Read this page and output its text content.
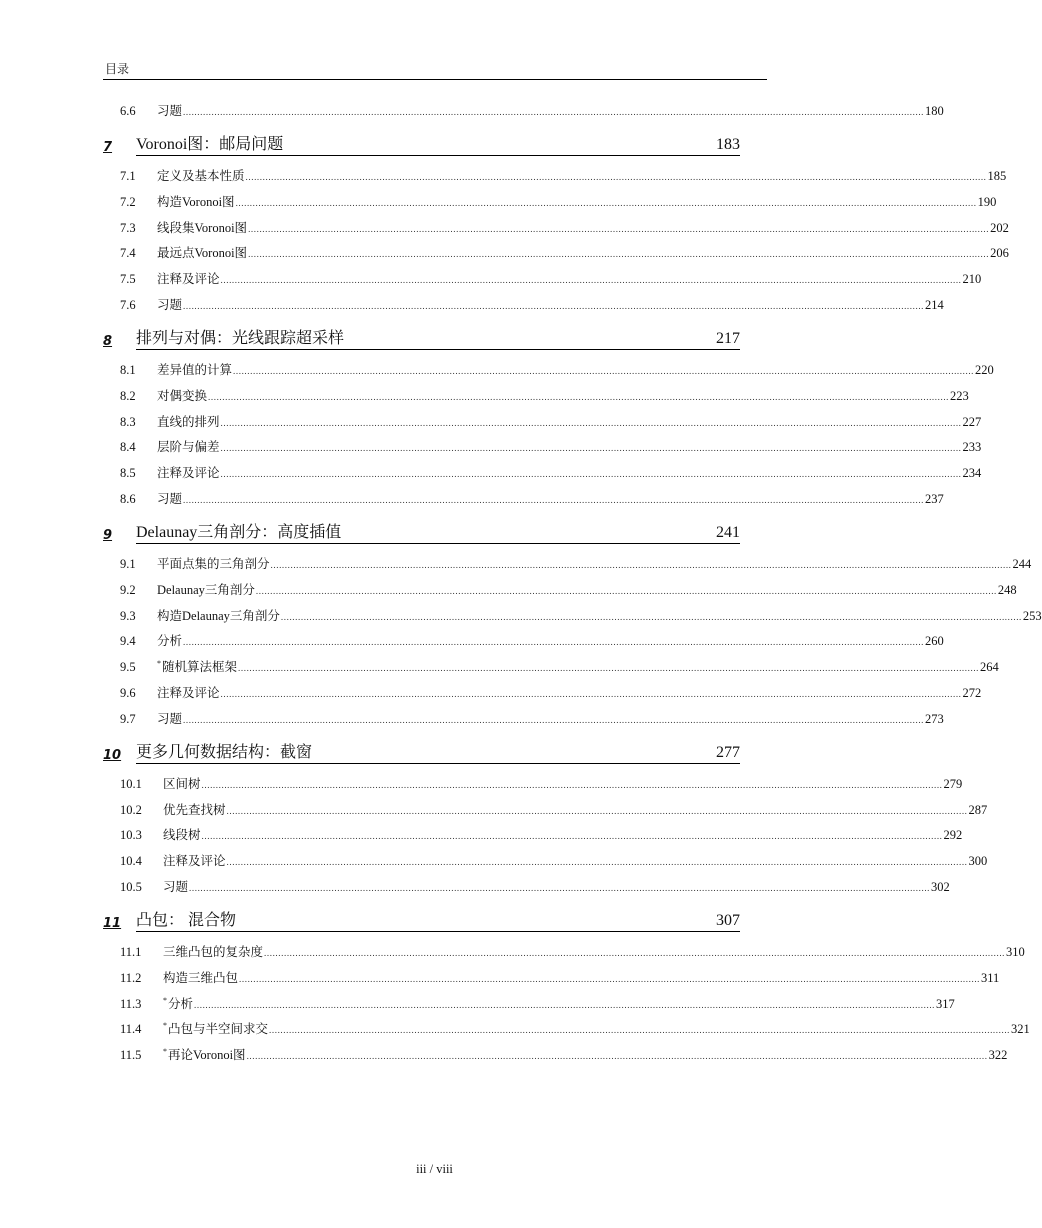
目录
6.6	习题 .................................................................................................................................................................................................................................................................... 180
7 Voronoi图：邮局问题	183
7.1	定义及基本性质 .................................................................................................................................................................................................................................................................... 185
7.2	构造Voronoi图 .................................................................................................................................................................................................................................................................... 190
7.3	线段集Voronoi图 .................................................................................................................................................................................................................................................................... 202
7.4	最远点Voronoi图 .................................................................................................................................................................................................................................................................... 206
7.5	注释及评论 .................................................................................................................................................................................................................................................................... 210
7.6	习题 .................................................................................................................................................................................................................................................................... 214
8 排列与对偶：光线跟踪超采样	217
8.1	差异值的计算 .................................................................................................................................................................................................................................................................... 220
8.2	对偶变换 .................................................................................................................................................................................................................................................................... 223
8.3	直线的排列 .................................................................................................................................................................................................................................................................... 227
8.4	层阶与偏差 .................................................................................................................................................................................................................................................................... 233
8.5	注释及评论 .................................................................................................................................................................................................................................................................... 234
8.6	习题 .................................................................................................................................................................................................................................................................... 237
9 Delaunay三角剖分：高度插值	241
9.1	平面点集的三角剖分 .................................................................................................................................................................................................................................................................... 244
9.2	Delaunay三角剖分 .................................................................................................................................................................................................................................................................... 248
9.3	构造Delaunay三角剖分 .................................................................................................................................................................................................................................................................... 253
9.4	分析 .................................................................................................................................................................................................................................................................... 260
9.5	*随机算法框架 .................................................................................................................................................................................................................................................................... 264
9.6	注释及评论 .................................................................................................................................................................................................................................................................... 272
9.7	习题 .................................................................................................................................................................................................................................................................... 273
10 更多几何数据结构：截窗	277
10.1	区间树 .................................................................................................................................................................................................................................................................... 279
10.2	优先查找树 .................................................................................................................................................................................................................................................................... 287
10.3	线段树 .................................................................................................................................................................................................................................................................... 292
10.4	注释及评论 .................................................................................................................................................................................................................................................................... 300
10.5	习题 .................................................................................................................................................................................................................................................................... 302
11 凸包： 混合物	307
11.1	三维凸包的复杂度 .................................................................................................................................................................................................................................................................... 310
11.2	构造三维凸包 .................................................................................................................................................................................................................................................................... 311
11.3	*分析 .................................................................................................................................................................................................................................................................... 317
11.4	*凸包与半空间求交 .................................................................................................................................................................................................................................................................... 321
11.5	*再论Voronoi图 .................................................................................................................................................................................................................................................................... 322
iii / viii
